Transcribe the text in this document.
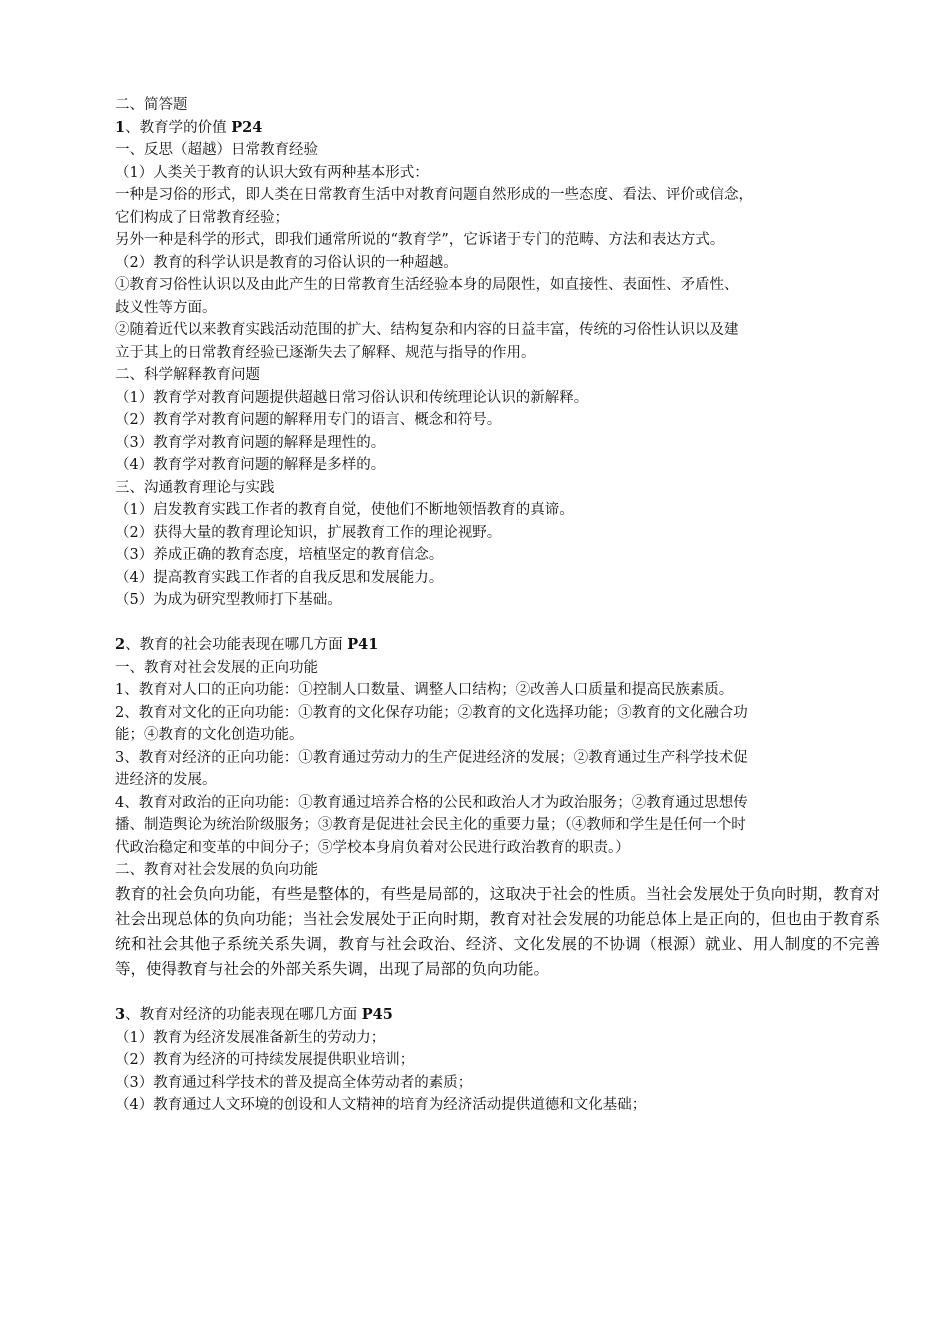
二、简答题
1、教育学的价值 P24
一、反思（超越）日常教育经验
（1）人类关于教育的认识大致有两种基本形式：
一种是习俗的形式，即人类在日常教育生活中对教育问题自然形成的一些态度、看法、评价或信念，
它们构成了日常教育经验；
另外一种是科学的形式，即我们通常所说的“教育学”，它诉诸于专门的范畴、方法和表达方式。
（2）教育的科学认识是教育的习俗认识的一种超越。
①教育习俗性认识以及由此产生的日常教育生活经验本身的局限性，如直接性、表面性、矛盾性、
歧义性等方面。
②随着近代以来教育实践活动范围的扩大、结构复杂和内容的日益丰富，传统的习俗性认识以及建
立于其上的日常教育经验已逐渐失去了解释、规范与指导的作用。
二、科学解释教育问题
（1）教育学对教育问题提供超越日常习俗认识和传统理论认识的新解释。
（2）教育学对教育问题的解释用专门的语言、概念和符号。
（3）教育学对教育问题的解释是理性的。
（4）教育学对教育问题的解释是多样的。
三、沟通教育理论与实践
（1）启发教育实践工作者的教育自觉，使他们不断地领悟教育的真谛。
（2）获得大量的教育理论知识，扩展教育工作的理论视野。
（3）养成正确的教育态度，培植坚定的教育信念。
（4）提高教育实践工作者的自我反思和发展能力。
（5）为成为研究型教师打下基础。
2、教育的社会功能表现在哪几方面 P41
一、教育对社会发展的正向功能
1、教育对人口的正向功能：①控制人口数量、调整人口结构；②改善人口质量和提高民族素质。
2、教育对文化的正向功能：①教育的文化保存功能；②教育的文化选择功能；③教育的文化融合功
能；④教育的文化创造功能。
3、教育对经济的正向功能：①教育通过劳动力的生产促进经济的发展；②教育通过生产科学技术促
进经济的发展。
4、教育对政治的正向功能：①教育通过培养合格的公民和政治人才为政治服务；②教育通过思想传
播、制造舆论为统治阶级服务；③教育是促进社会民主化的重要力量；（④教师和学生是任何一个时
代政治稳定和变革的中间分子；⑤学校本身肩负着对公民进行政治教育的职责。）
二、教育对社会发展的负向功能
教育的社会负向功能，有些是整体的，有些是局部的，这取决于社会的性质。当社会发展处于负向时期，教育对社会出现总体的负向功能；当社会发展处于正向时期，教育对社会发展的功能总体上是正向的，但也由于教育系统和社会其他子系统关系失调，教育与社会政治、经济、文化发展的不协调（根源）就业、用人制度的不完善等，使得教育与社会的外部关系失调，出现了局部的负向功能。
3、教育对经济的功能表现在哪几方面 P45
（1）教育为经济发展准备新生的劳动力；
（2）教育为经济的可持续发展提供职业培训；
（3）教育通过科学技术的普及提高全体劳动者的素质；
（4）教育通过人文环境的创设和人文精神的培育为经济活动提供道德和文化基础；
